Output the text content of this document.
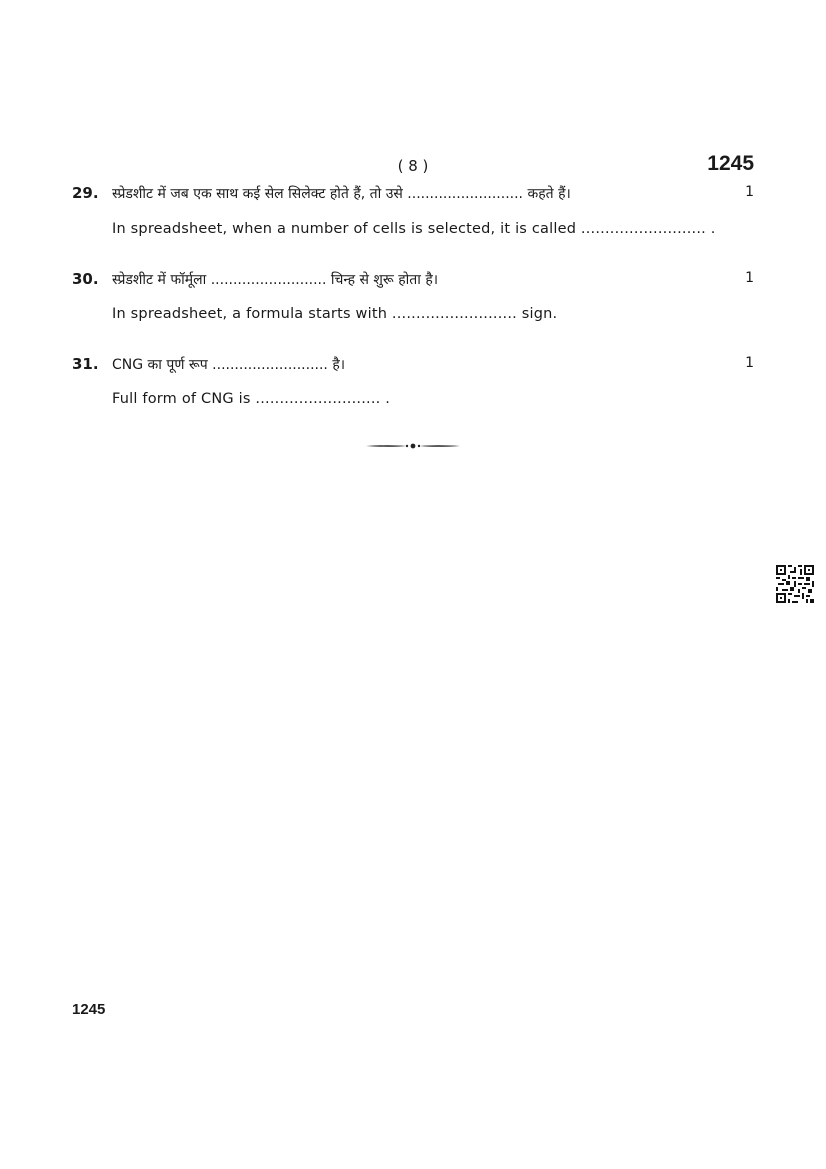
( 8 )	1245
29. स्प्रेडशीट में जब एक साथ कई सेल सिलेक्ट होते हैं, तो उसे .......................... कहते हैं।	1
In spreadsheet, when a number of cells is selected, it is called .......................... .
30. स्प्रेडशीट में फॉर्मूला .......................... चिन्ह से शुरू होता है।	1
In spreadsheet, a formula starts with .......................... sign.
31. CNG का पूर्ण रूप .......................... है।	1
Full form of CNG is .......................... .
1245
